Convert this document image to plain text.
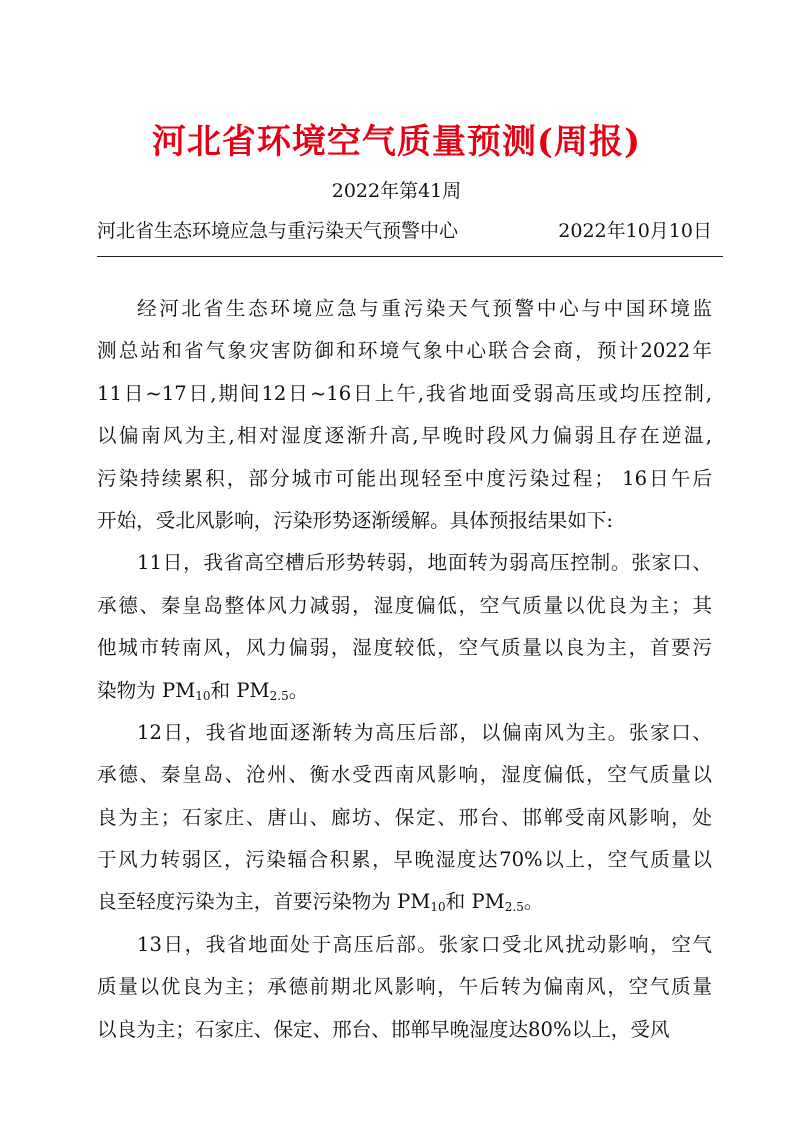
河北省环境空气质量预测(周报)
2022年第41周
河北省生态环境应急与重污染天气预警中心	2022年10月10日
经河北省生态环境应急与重污染天气预警中心与中国环境监
测总站和省气象灾害防御和环境气象中心联合会商，预计2022年
11日~17日,期间12日~16日上午,我省地面受弱高压或均压控制,
以偏南风为主,相对湿度逐渐升高,早晚时段风力偏弱且存在逆温,
污染持续累积，部分城市可能出现轻至中度污染过程； 16日午后
开始，受北风影响，污染形势逐渐缓解。具体预报结果如下:
11日，我省高空槽后形势转弱，地面转为弱高压控制。张家口、
承德、秦皇岛整体风力减弱，湿度偏低，空气质量以优良为主；其
他城市转南风，风力偏弱，湿度较低，空气质量以良为主，首要污
染物为 $PM_{10}$和 $PM_{2.5}$。
12日，我省地面逐渐转为高压后部，以偏南风为主。张家口、
承德、秦皇岛、沧州、衡水受西南风影响，湿度偏低，空气质量以
良为主；石家庄、唐山、廊坊、保定、邢台、邯郸受南风影响，处
于风力转弱区，污染辐合积累，早晚湿度达70%以上，空气质量以
良至轻度污染为主，首要污染物为 $PM_{10}$和 $PM_{2.5}$。
13日，我省地面处于高压后部。张家口受北风扰动影响，空气
质量以优良为主；承德前期北风影响，午后转为偏南风，空气质量
以良为主；石家庄、保定、邢台、邯郸早晚湿度达80%以上，受风
